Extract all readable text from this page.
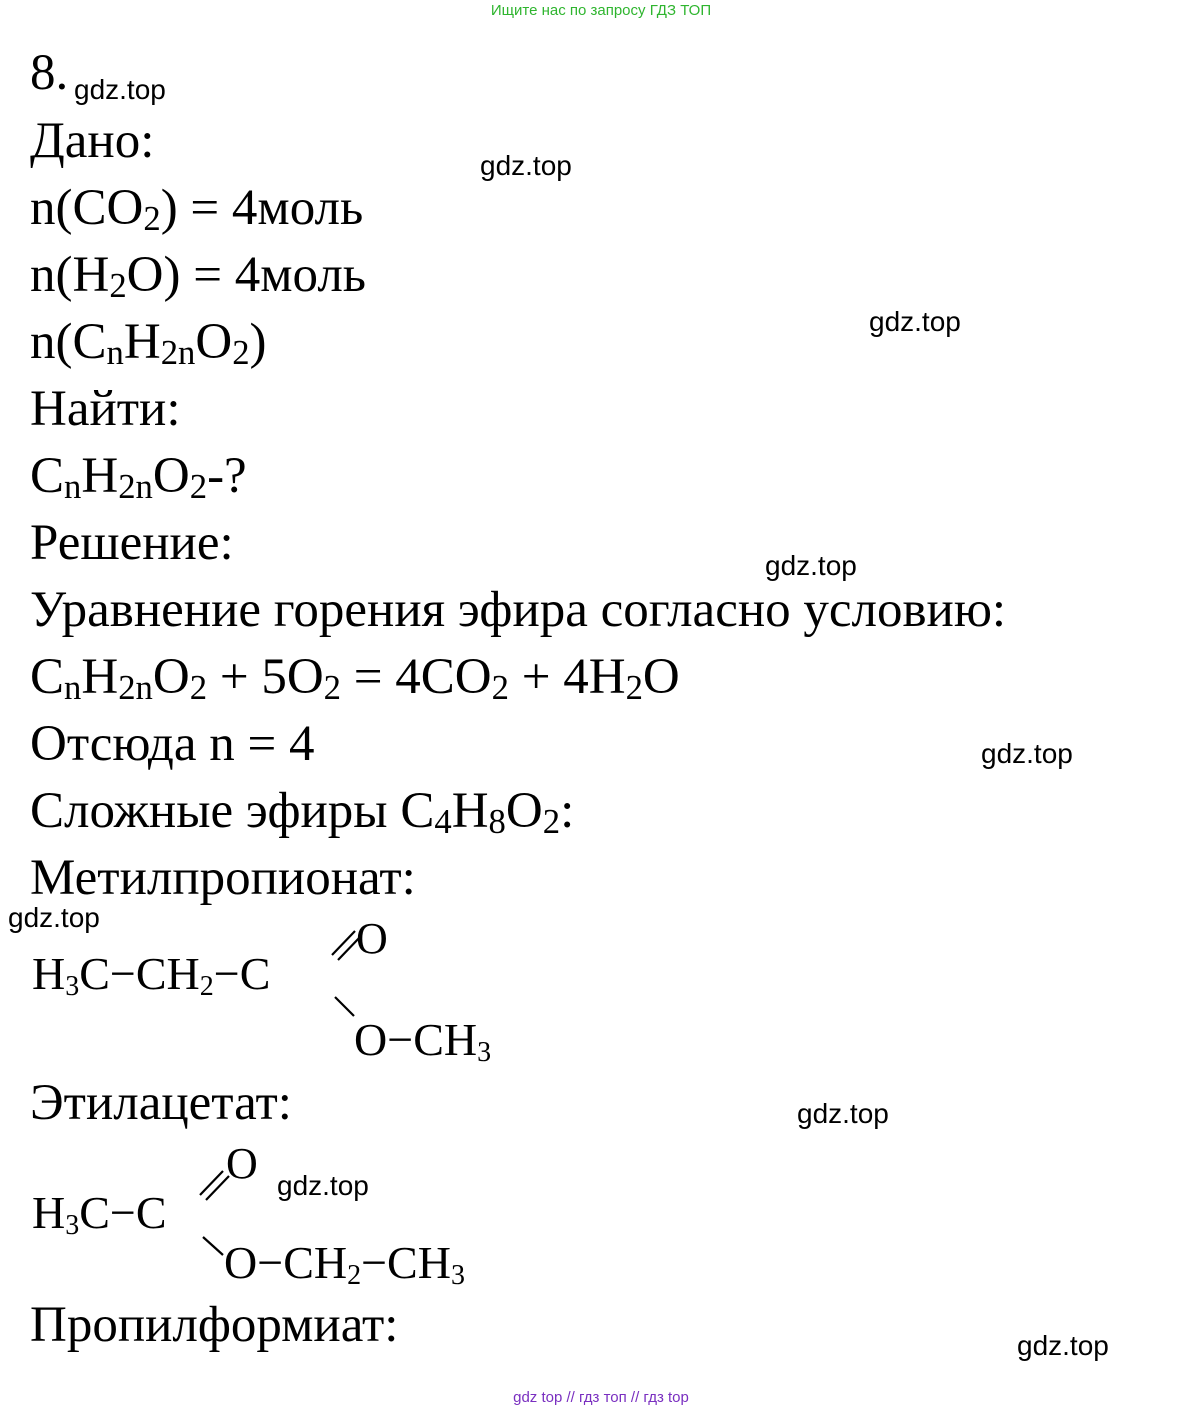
Ищите нас по запросу ГДЗ ТОП
8.
Дано:
n(CO2) = 4моль
n(H2O) = 4моль
n(CnH2nO2)
Найти:
CnH2nO2-?
Решение:
Уравнение горения эфира согласно условию:
CnH2nO2 + 5O2 = 4CO2 + 4H2O
Отсюда n = 4
Сложные эфиры C4H8O2:
Метилпропионат:
H3C−CH2−C
O
O−CH3
Этилацетат:
H3C−C
O
O−CH2−CH3
Пропилформиат:
gdz.top
gdz.top
gdz.top
gdz.top
gdz.top
gdz.top
gdz.top
gdz.top
gdz.top
gdz top // гдз топ // гдз top
